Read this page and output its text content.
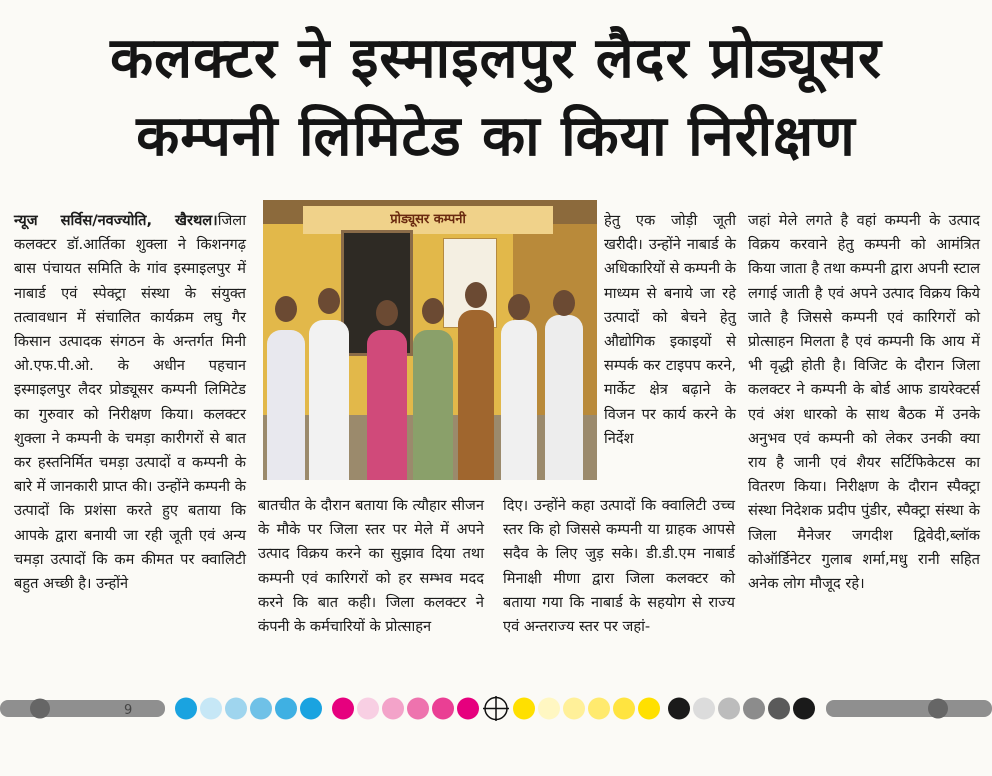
कलक्टर ने इस्माइलपुर लैदर प्रोड्यूसर
कम्पनी लिमिटेड का किया निरीक्षण

न्यूज सर्विस/नवज्योति, खैरथल।जिला कलक्टर डॉ.आर्तिका शुक्ला ने किशनगढ़ बास पंचायत समिति के गांव इस्माइलपुर में नाबार्ड एवं स्पेक्ट्रा संस्था के संयुक्त तत्वावधान में संचालित कार्यक्रम लघु गैर किसान उत्पादक संगठन के अन्तर्गत मिनी ओ.एफ.पी.ओ. के अधीन पहचान इस्माइलपुर लैदर प्रोड्यूसर कम्पनी लिमिटेड का गुरुवार को निरीक्षण किया। कलक्टर शुक्ला ने कम्पनी के चमड़ा कारीगरों से बात कर हस्तनिर्मित चमड़ा उत्पादों व कम्पनी के बारे में जानकारी प्राप्त की। उन्होंने कम्पनी के उत्पादों कि प्रशंसा करते हुए बताया कि आपके द्वारा बनायी जा रही जूती एवं अन्य चमड़ा उत्पादों कि कम कीमत पर क्वालिटी बहुत अच्छी है। उन्होंने

प्रोड्यूसर कम्पनी	हेतु एक जोड़ी जूती खरीदी। उन्होंने नाबार्ड के अधिकारियों से कम्पनी के माध्यम से बनाये जा रहे उत्पादों को बेचने हेतु औद्योगिक इकाइयों से सम्पर्क कर टाइपप करने, मार्केट क्षेत्र बढ़ाने के विजन पर कार्य करने के निर्देश

जहां मेले लगते है वहां कम्पनी के उत्पाद विक्रय करवाने हेतु कम्पनी को आमंत्रित किया जाता है तथा कम्पनी द्वारा अपनी स्टाल लगाई जाती है एवं अपने उत्पाद विक्रय किये जाते है जिससे कम्पनी एवं कारिगरों को प्रोत्साहन मिलता है एवं कम्पनी कि आय में भी वृद्धी होती है। विजिट के दौरान जिला कलक्टर ने कम्पनी के बोर्ड आफ डायरेक्टर्स एवं अंश धारको के साथ बैठक में उनके अनुभव एवं कम्पनी को लेकर उनकी क्या राय है जानी एवं शैयर सर्टिफिकेटस का वितरण किया। निरीक्षण के दौरान स्पैक्ट्रा संस्था निदेशक प्रदीप पुंडीर, स्पैक्ट्रा संस्था के जिला मैनेजर जगदीश द्विवेदी,ब्लॉक कोऑर्डिनेटर गुलाब शर्मा,मधु रानी सहित अनेक लोग मौजूद रहे।

बातचीत के दौरान बताया कि त्यौहार सीजन के मौके पर जिला स्तर पर मेले में अपने उत्पाद विक्रय करने का सुझाव दिया तथा कम्पनी एवं कारिगरों को हर सम्भव मदद करने कि बात कही। जिला कलक्टर ने कंपनी के कर्मचारियों के प्रोत्साहन

दिए। उन्होंने कहा उत्पादों कि क्वालिटी उच्च स्तर कि हो जिससे कम्पनी या ग्राहक आपसे सदैव के लिए जुड़ सके। डी.डी.एम नाबार्ड मिनाक्षी मीणा द्वारा जिला कलक्टर को बताया गया कि नाबार्ड के सहयोग से राज्य एवं अन्तराज्य स्तर पर जहां-

9
